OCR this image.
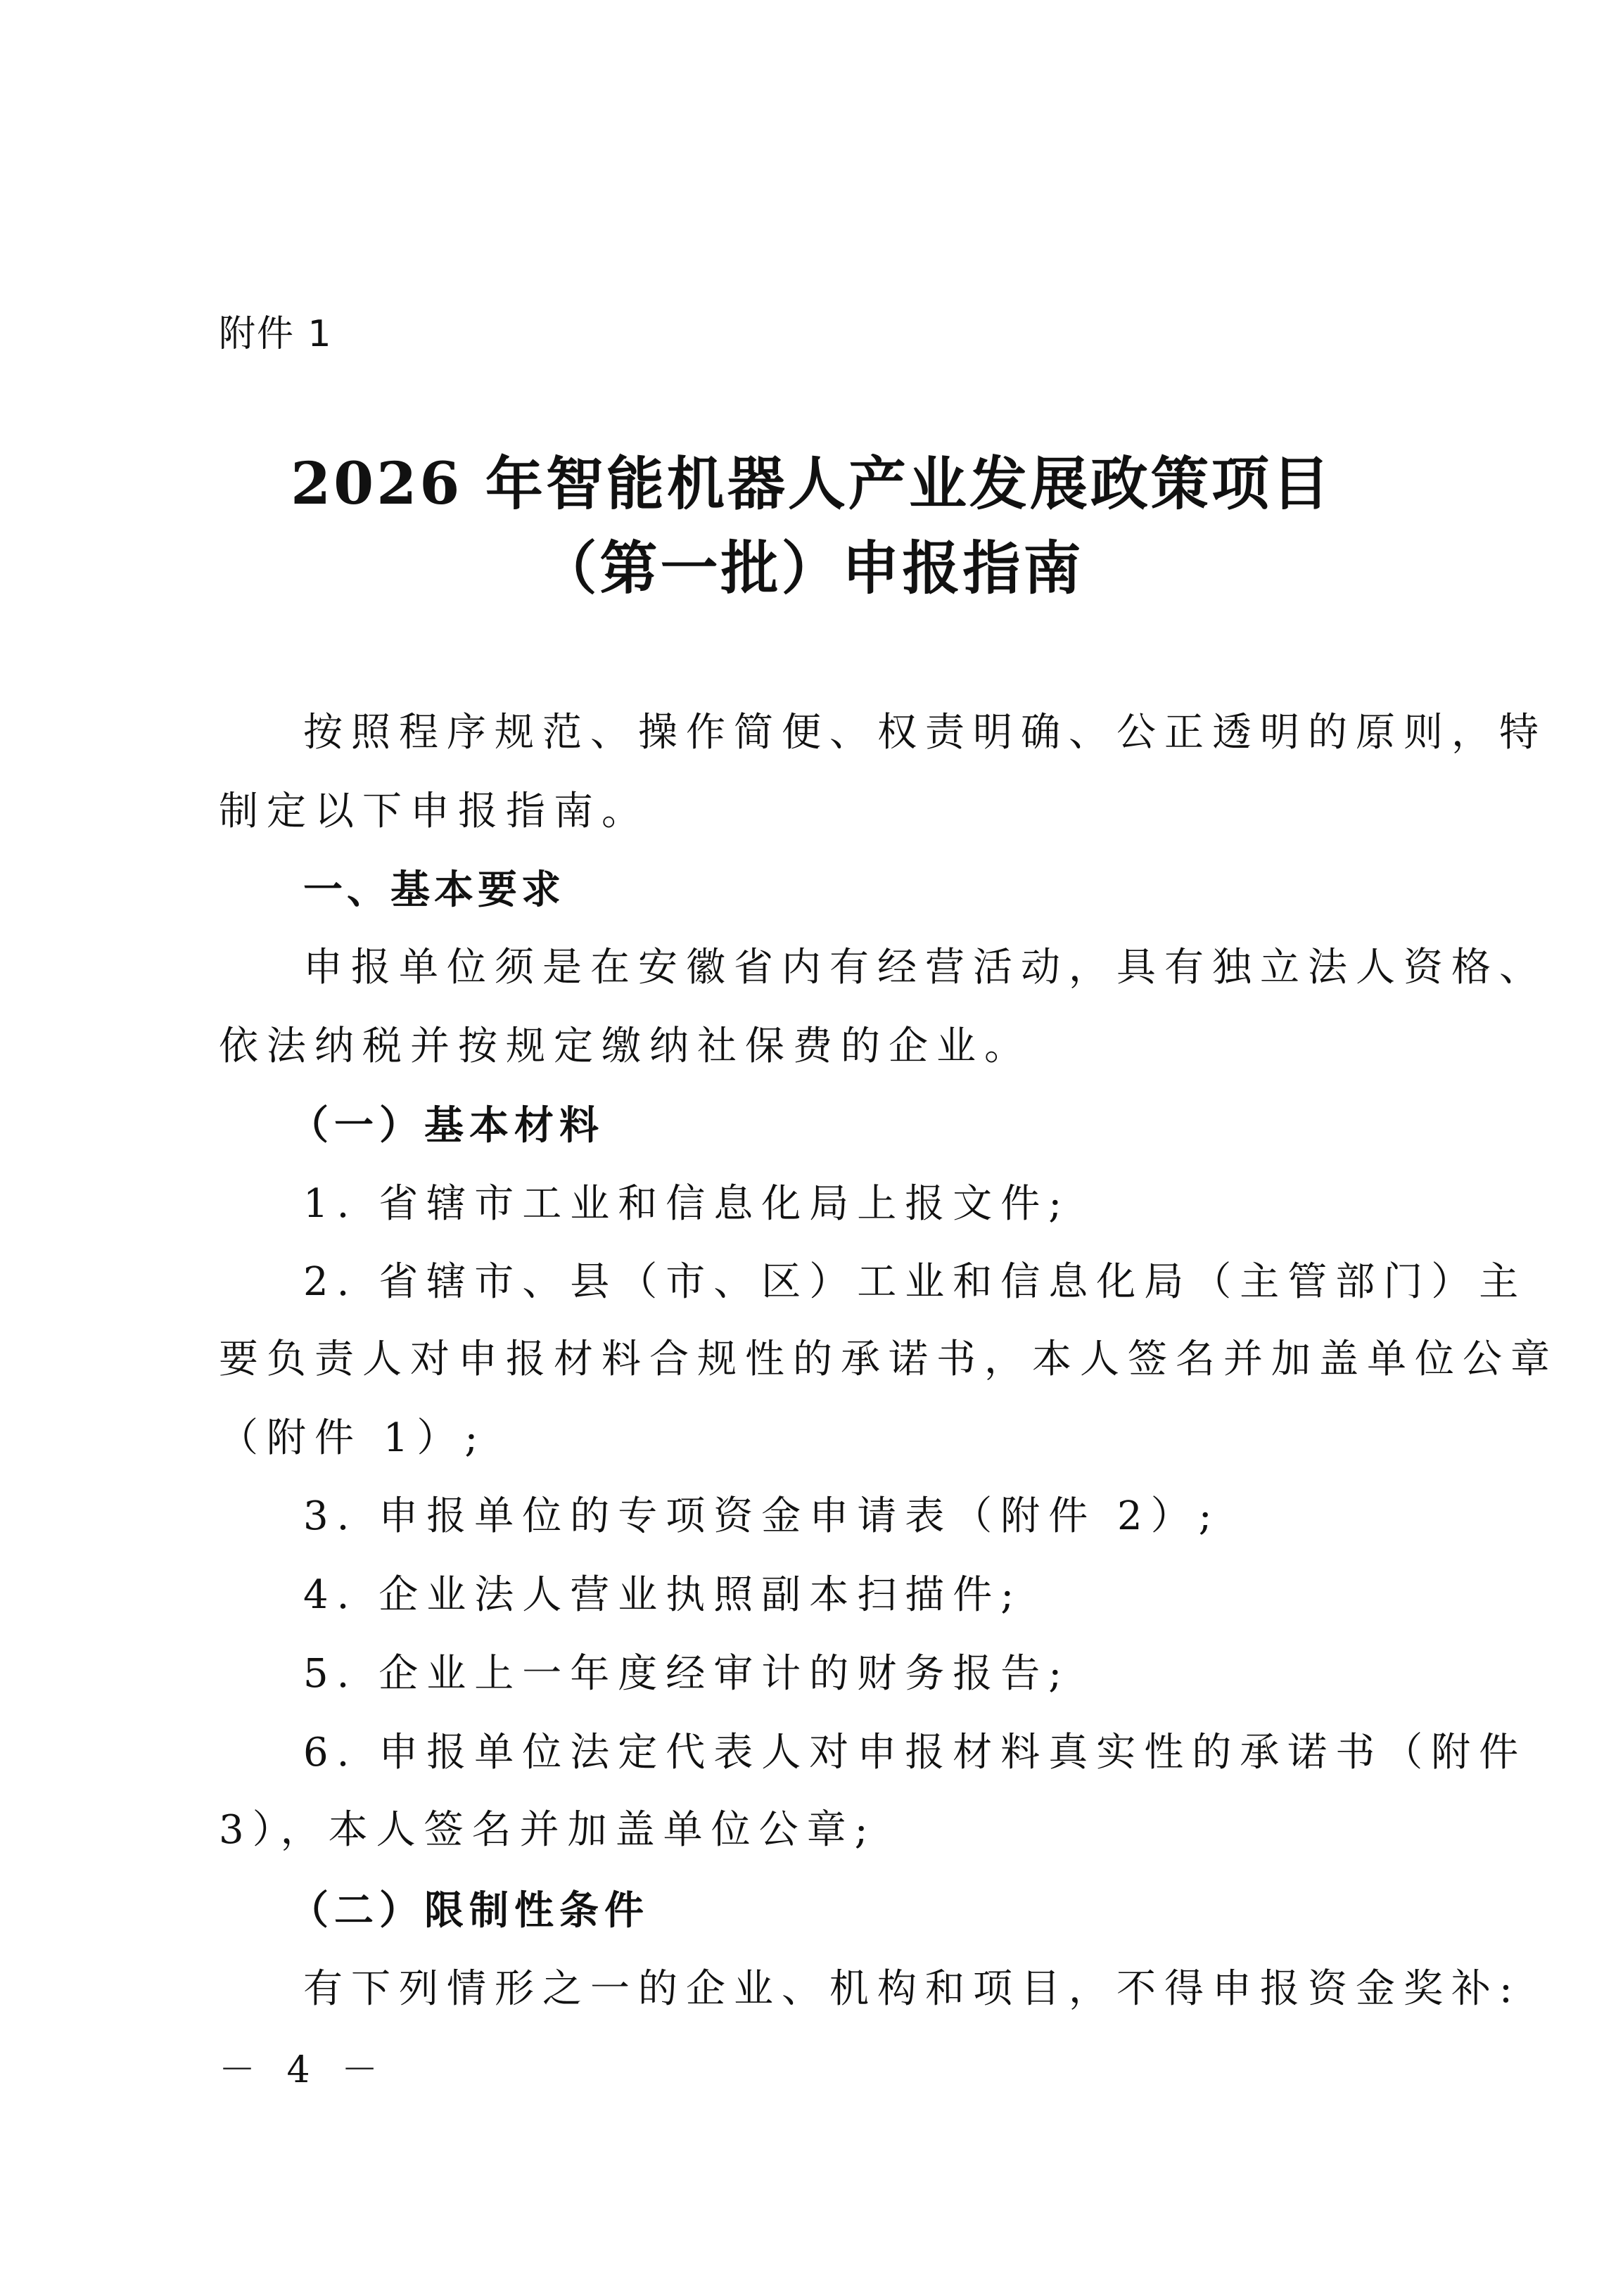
附件 1
2026 年智能机器人产业发展政策项目
（第一批）申报指南
按照程序规范、操作简便、权责明确、公正透明的原则，特
制定以下申报指南。
一、基本要求
申报单位须是在安徽省内有经营活动，具有独立法人资格、
依法纳税并按规定缴纳社保费的企业。
（一）基本材料
1. 省辖市工业和信息化局上报文件;
2. 省辖市、县（市、区）工业和信息化局（主管部门）主
要负责人对申报材料合规性的承诺书，本人签名并加盖单位公章
（附件 1）;
3. 申报单位的专项资金申请表（附件 2）;
4. 企业法人营业执照副本扫描件;
5. 企业上一年度经审计的财务报告;
6. 申报单位法定代表人对申报材料真实性的承诺书（附件
3），本人签名并加盖单位公章;
（二）限制性条件
有下列情形之一的企业、机构和项目，不得申报资金奖补:
－ 4 －
